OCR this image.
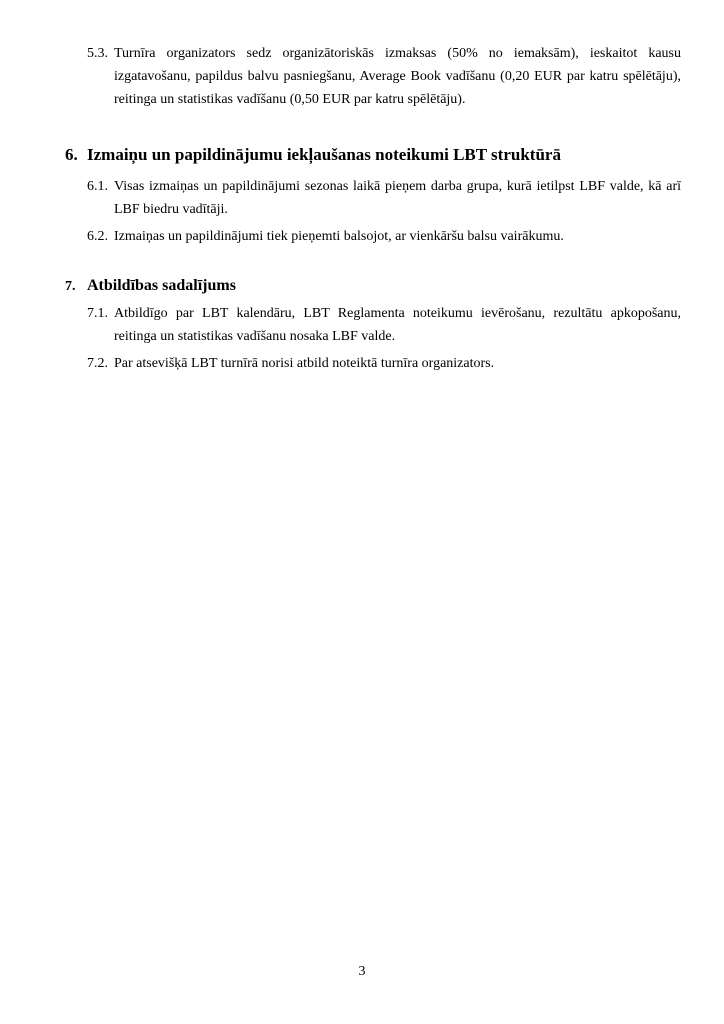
5.3. Turnīra organizators sedz organizātoriskās izmaksas (50% no iemaksām), ieskaitot kausu izgatavošanu, papildus balvu pasniegšanu, Average Book vadīšanu (0,20 EUR par katru spēlētāju), reitinga un statistikas vadīšanu (0,50 EUR par katru spēlētāju).
6. Izmaiņu un papildinājumu iekļaušanas noteikumi LBT struktūrā
6.1. Visas izmaiņas un papildinājumi sezonas laikā pieņem darba grupa, kurā ietilpst LBF valde, kā arī LBF biedru vadītāji.
6.2. Izmaiņas un papildinājumi tiek pieņemti balsojot, ar vienkāršu balsu vairākumu.
7. Atbildības sadalījums
7.1. Atbildīgo par LBT kalendāru, LBT Reglamenta noteikumu ievērošanu, rezultātu apkopošanu, reitinga un statistikas vadīšanu nosaka LBF valde.
7.2. Par atsevišķā LBT turnīrā norisi atbild noteiktā turnīra organizators.
3
